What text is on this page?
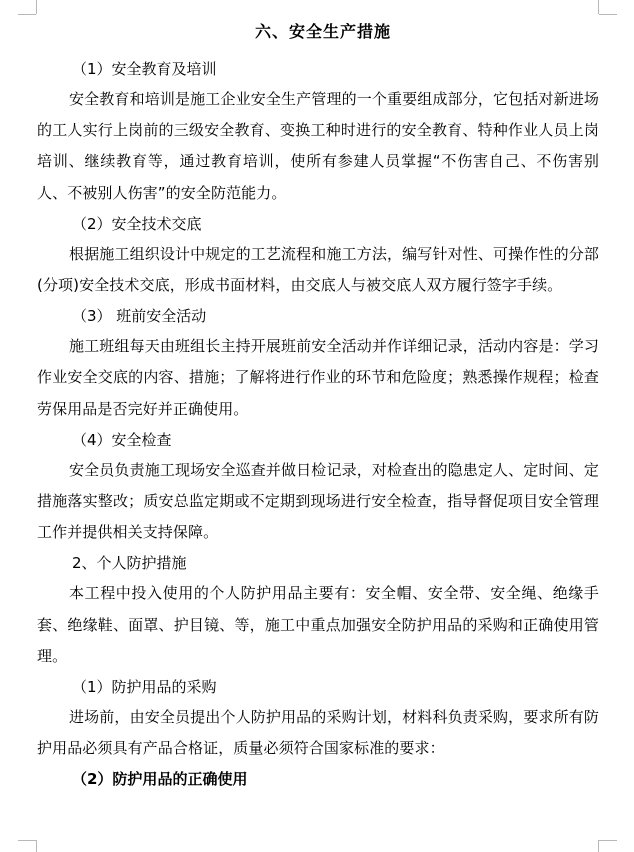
六、安全生产措施

（1）安全教育及培训

安全教育和培训是施工企业安全生产管理的一个重要组成部分，它包括对新进场的工人实行上岗前的三级安全教育、变换工种时进行的安全教育、特种作业人员上岗培训、继续教育等，通过教育培训，使所有参建人员掌握“不伤害自己、不伤害别人、不被别人伤害”的安全防范能力。

（2）安全技术交底

根据施工组织设计中规定的工艺流程和施工方法，编写针对性、可操作性的分部(分项)安全技术交底，形成书面材料，由交底人与被交底人双方履行签字手续。

（3） 班前安全活动

施工班组每天由班组长主持开展班前安全活动并作详细记录，活动内容是：学习作业安全交底的内容、措施；了解将进行作业的环节和危险度；熟悉操作规程；检查劳保用品是否完好并正确使用。

（4）安全检查

安全员负责施工现场安全巡查并做日检记录，对检查出的隐患定人、定时间、定措施落实整改；质安总监定期或不定期到现场进行安全检查，指导督促项目安全管理工作并提供相关支持保障。

2、个人防护措施

本工程中投入使用的个人防护用品主要有：安全帽、安全带、安全绳、绝缘手套、绝缘鞋、面罩、护目镜、等，施工中重点加强安全防护用品的采购和正确使用管理。

（1）防护用品的采购

进场前，由安全员提出个人防护用品的采购计划，材料科负责采购，要求所有防护用品必须具有产品合格证，质量必须符合国家标准的要求：

（2）防护用品的正确使用
